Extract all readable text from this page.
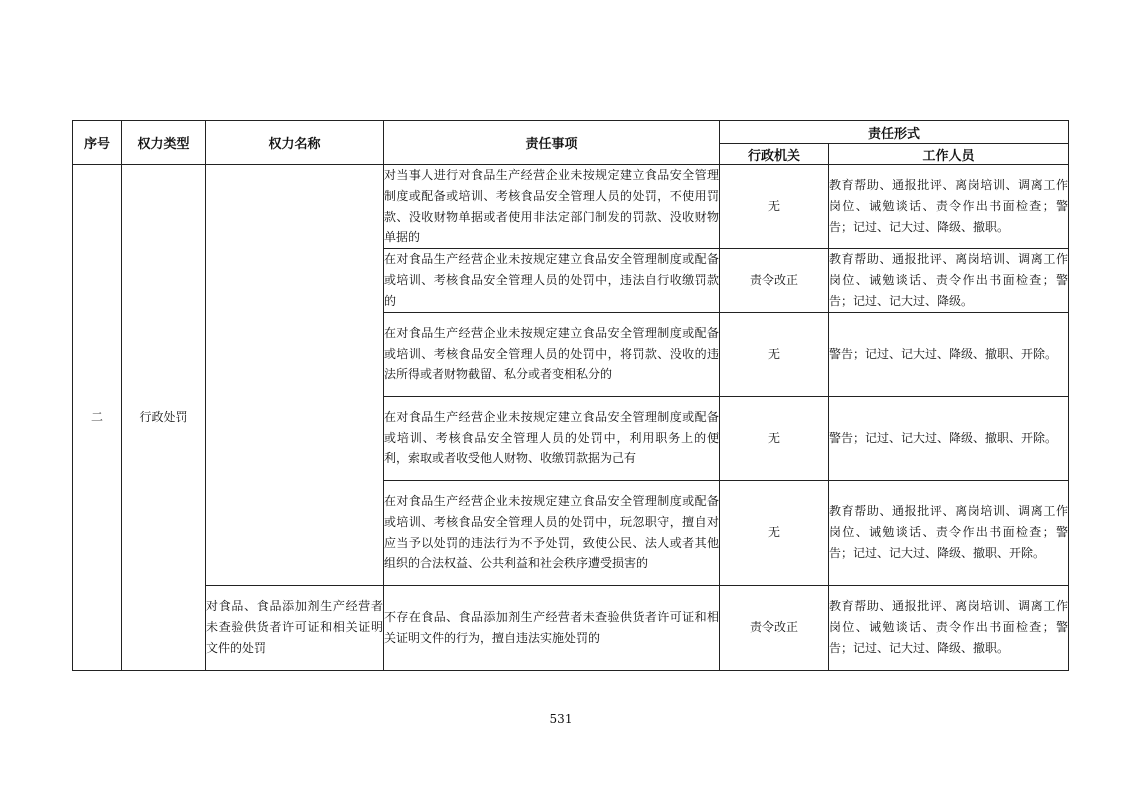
序号	权力类型	权力名称	责任事项	责任形式	
				行政机关	工作人员
二	行政处罚		对当事人进行对食品生产经营企业未按规定建立食品安全管理制度或配备或培训、考核食品安全管理人员的处罚，不使用罚款、没收财物单据或者使用非法定部门制发的罚款、没收财物单据的	无	教育帮助、通报批评、离岗培训、调离工作岗位、诫勉谈话、责令作出书面检查；警告；记过、记大过、降级、撤职。
			在对食品生产经营企业未按规定建立食品安全管理制度或配备或培训、考核食品安全管理人员的处罚中，违法自行收缴罚款的	责令改正	教育帮助、通报批评、离岗培训、调离工作岗位、诫勉谈话、责令作出书面检查；警告；记过、记大过、降级。
			在对食品生产经营企业未按规定建立食品安全管理制度或配备或培训、考核食品安全管理人员的处罚中，将罚款、没收的违法所得或者财物截留、私分或者变相私分的	无	警告；记过、记大过、降级、撤职、开除。
			在对食品生产经营企业未按规定建立食品安全管理制度或配备或培训、考核食品安全管理人员的处罚中，利用职务上的便利，索取或者收受他人财物、收缴罚款据为己有	无	警告；记过、记大过、降级、撤职、开除。
			在对食品生产经营企业未按规定建立食品安全管理制度或配备或培训、考核食品安全管理人员的处罚中，玩忽职守，擅自对应当予以处罚的违法行为不予处罚，致使公民、法人或者其他组织的合法权益、公共利益和社会秩序遭受损害的	无	教育帮助、通报批评、离岗培训、调离工作岗位、诫勉谈话、责令作出书面检查；警告；记过、记大过、降级、撤职、开除。
		对食品、食品添加剂生产经营者未查验供货者许可证和相关证明文件的处罚	不存在食品、食品添加剂生产经营者未查验供货者许可证和相关证明文件的行为，擅自违法实施处罚的	责令改正	教育帮助、通报批评、离岗培训、调离工作岗位、诫勉谈话、责令作出书面检查；警告；记过、记大过、降级、撤职。
531
